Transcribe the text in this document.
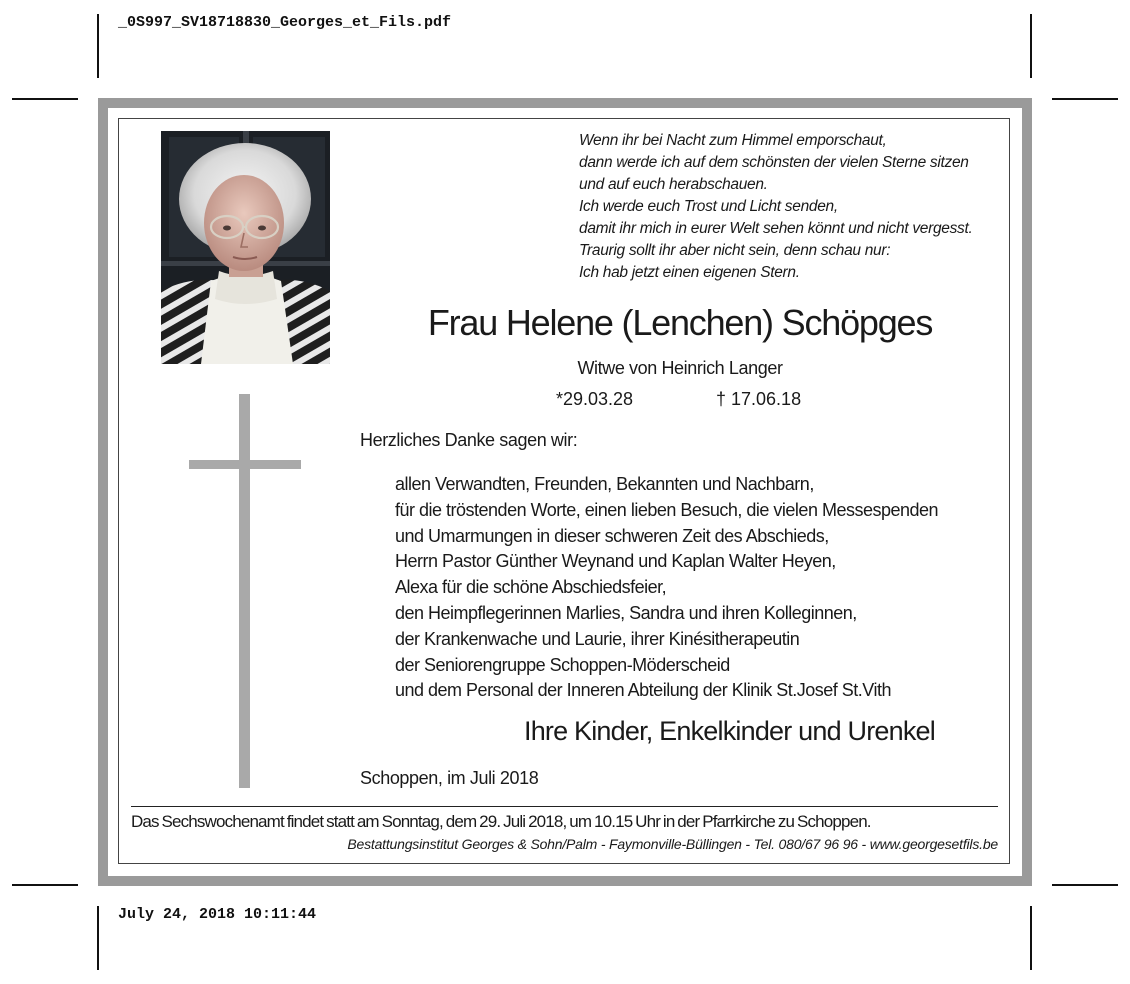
_0S997_SV18718830_Georges_et_Fils.pdf
Wenn ihr bei Nacht zum Himmel emporschaut,
dann werde ich auf dem schönsten der vielen Sterne sitzen
und auf euch herabschauen.
Ich werde euch Trost und Licht senden,
damit ihr mich in eurer Welt sehen könnt und nicht vergesst.
Traurig sollt ihr aber nicht sein, denn schau nur:
Ich hab jetzt einen eigenen Stern.
Frau Helene (Lenchen) Schöpges
Witwe von Heinrich Langer
*29.03.28	† 17.06.18
Herzliches Danke sagen wir:
allen Verwandten, Freunden, Bekannten und Nachbarn,
für die tröstenden Worte, einen lieben Besuch, die vielen Messespenden
und Umarmungen in dieser schweren Zeit des Abschieds,
Herrn Pastor Günther Weynand und Kaplan Walter Heyen,
Alexa für die schöne Abschiedsfeier,
den Heimpflegerinnen Marlies, Sandra und ihren Kolleginnen,
der Krankenwache und Laurie, ihrer Kinésitherapeutin
der Seniorengruppe Schoppen-Möderscheid
und dem Personal der Inneren Abteilung der Klinik St.Josef St.Vith
Ihre Kinder, Enkelkinder und Urenkel
Schoppen, im Juli 2018
Das Sechswochenamt findet statt am Sonntag, dem 29. Juli 2018, um 10.15 Uhr in der Pfarrkirche zu Schoppen.
Bestattungsinstitut Georges & Sohn/Palm - Faymonville-Büllingen - Tel. 080/67 96 96 - www.georgesetfils.be
July 24, 2018 10:11:44
